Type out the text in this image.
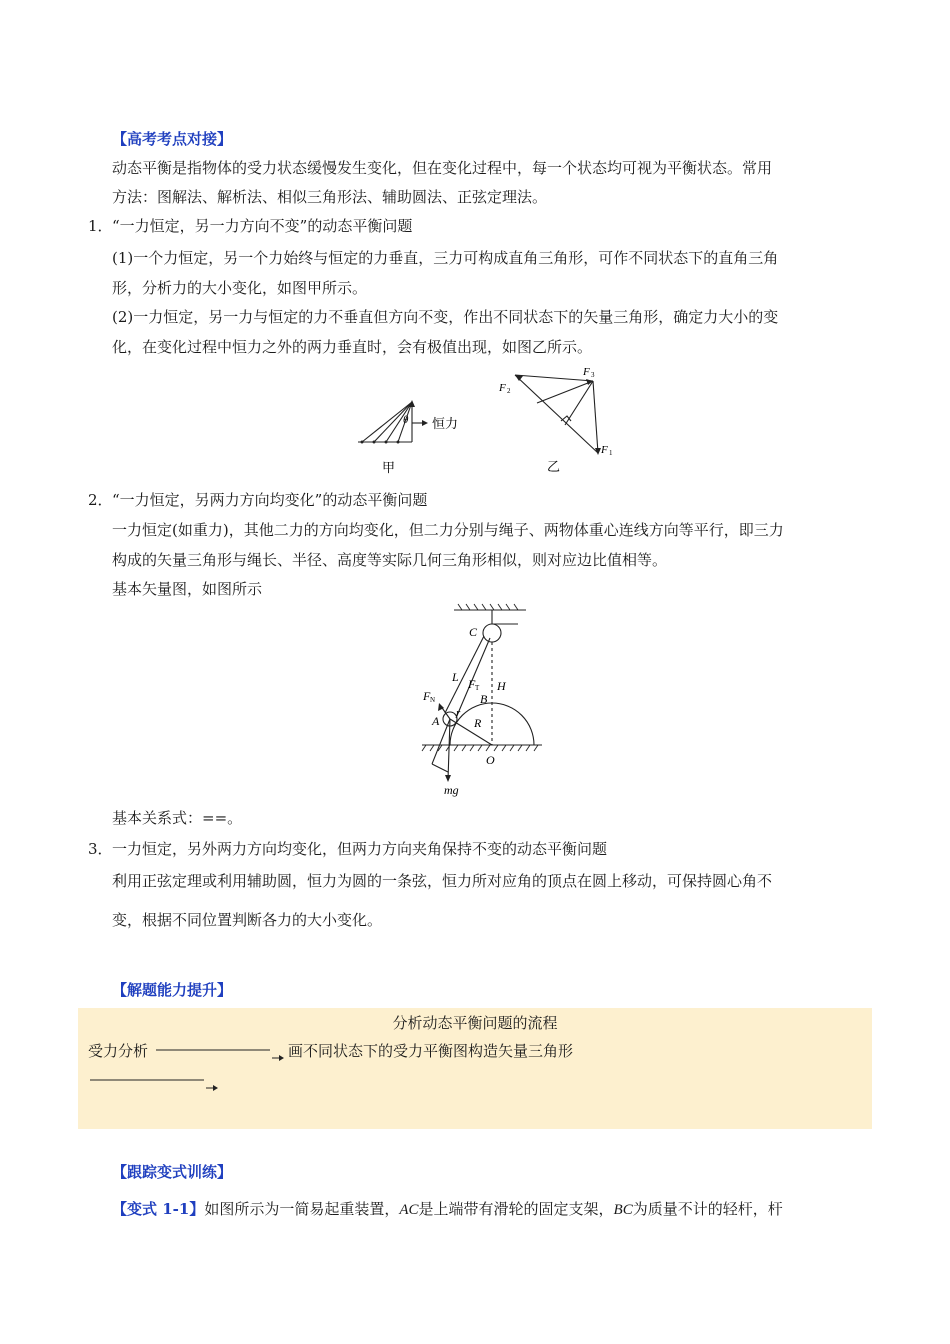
【高考考点对接】
动态平衡是指物体的受力状态缓慢发生变化，但在变化过程中，每一个状态均可视为平衡状态。常用
方法：图解法、解析法、相似三角形法、辅助圆法、正弦定理法。
1． “一力恒定，另一力方向不变”的动态平衡问题
(1)一个力恒定，另一个力始终与恒定的力垂直，三力可构成直角三角形，可作不同状态下的直角三角
形，分析力的大小变化，如图甲所示。
(2)一力恒定，另一力与恒定的力不垂直但方向不变，作出不同状态下的矢量三角形，确定力大小的变
化，在变化过程中恒力之外的两力垂直时，会有极值出现，如图乙所示。
θ 恒力
甲
F 2
F 3
F 1
乙
2． “一力恒定，另两力方向均变化”的动态平衡问题
一力恒定(如重力)，其他二力的方向均变化，但二力分别与绳子、两物体重心连线方向等平行，即三力
构成的矢量三角形与绳长、半径、高度等实际几何三角形相似，则对应边比值相等。
基本矢量图，如图所示
C
L F T H
B
F N
r
A	R
O
mg
基本关系式：==。
3． 一力恒定，另外两力方向均变化，但两力方向夹角保持不变的动态平衡问题
利用正弦定理或利用辅助圆，恒力为圆的一条弦，恒力所对应角的顶点在圆上移动，可保持圆心角不
变，根据不同位置判断各力的大小变化。
【解题能力提升】
分析动态平衡问题的流程
受力分析	画不同状态下的受力平衡图构造矢量三角形
【跟踪变式训练】
【变式 1-1】如图所示为一简易起重装置，AC是上端带有滑轮的固定支架，BC为质量不计的轻杆，杆
